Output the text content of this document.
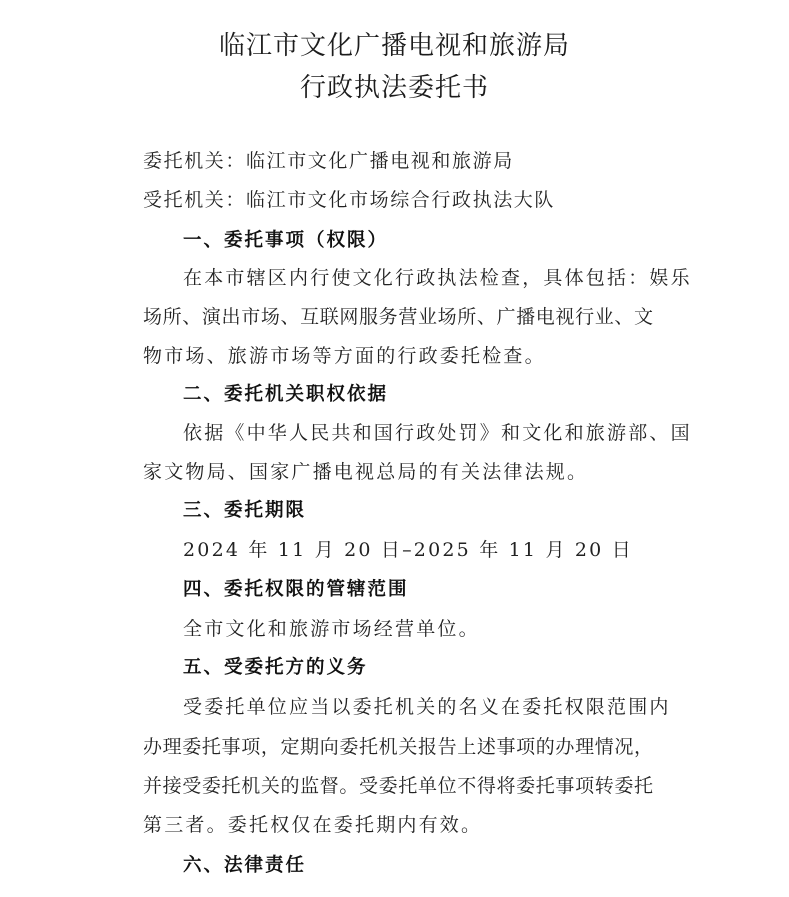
临江市文化广播电视和旅游局
行政执法委托书
委托机关：临江市文化广播电视和旅游局
受托机关：临江市文化市场综合行政执法大队
一、委托事项（权限）
在本市辖区内行使文化行政执法检查，具体包括：娱乐
场所、演出市场、互联网服务营业场所、广播电视行业、文
物市场、旅游市场等方面的行政委托检查。
二、委托机关职权依据
依据《中华人民共和国行政处罚》和文化和旅游部、国
家文物局、国家广播电视总局的有关法律法规。
三、委托期限
2024 年 11 月 20 日–2025 年 11 月 20 日
四、委托权限的管辖范围
全市文化和旅游市场经营单位。
五、受委托方的义务
受委托单位应当以委托机关的名义在委托权限范围内
办理委托事项，定期向委托机关报告上述事项的办理情况，
并接受委托机关的监督。受委托单位不得将委托事项转委托
第三者。委托权仅在委托期内有效。
六、法律责任
